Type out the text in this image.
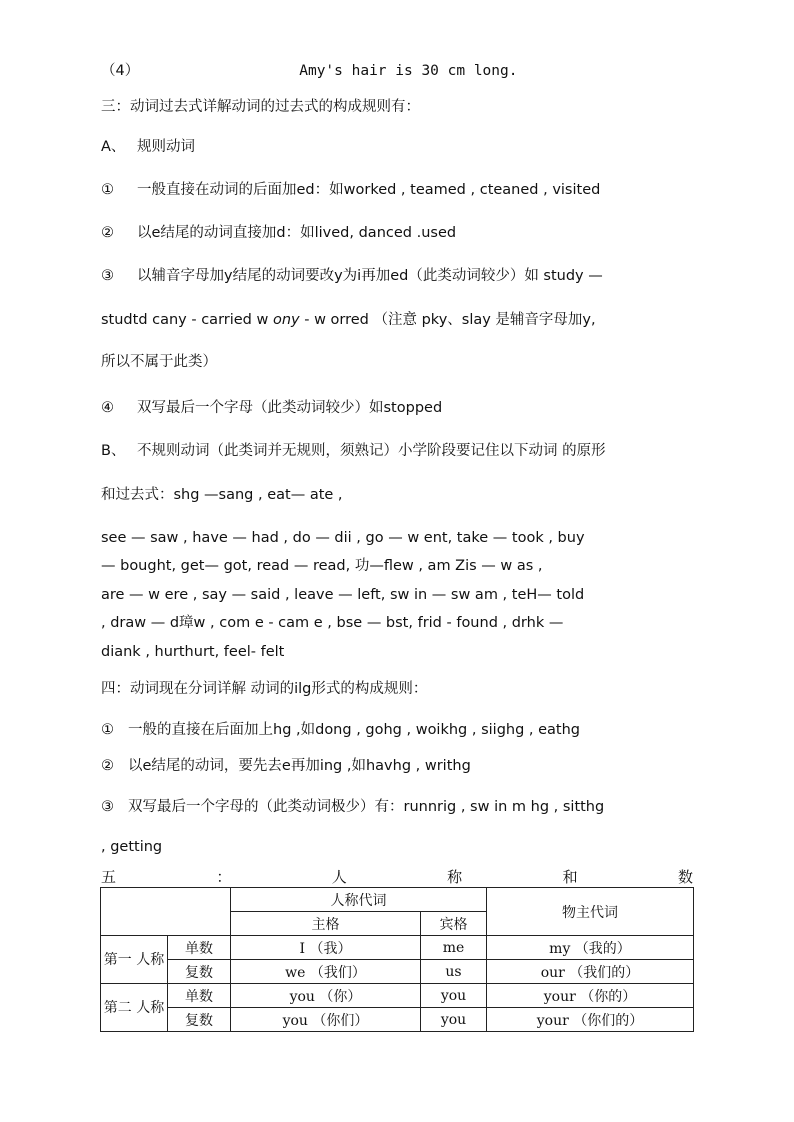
（4）	Amy's hair is 30 cm long.
三：动词过去式详解动词的过去式的构成规则有：
A、 规则动词
① 一般直接在动词的后面加ed：如worked , teamed , cteaned , visited
② 以e结尾的动词直接加d：如lived, danced .used
③ 以辅音字母加y结尾的动词要改y为i再加ed（此类动词较少）如 study —
studtd cany - carried w ony - w orred （注意 pky、slay 是辅音字母加y,
所以不属于此类）
④ 双写最后一个字母（此类动词较少）如stopped
B、 不规则动词（此类词并无规则，须熟记）小学阶段要记住以下动词 的原形
和过去式：shg —sang , eat— ate ,
see — saw , have — had , do — dii , go — w ent, take — took , buy
— bought, get— got, read — read, 功—flew , am Zis — w as ,
are — w ere , say — said , leave — left, sw in — sw am , teH— told
, draw — d璋w , com e - cam e , bse — bst, frid - found , drhk —
diank , hurthurt, feel- felt
四：动词现在分词详解 动词的ilg形式的构成规则：
① 一般的直接在后面加上hg ,如dong , gohg , woikhg , siighg , eathg
② 以e结尾的动词，要先去e再加ing ,如havhg , writhg
③ 双写最后一个字母的（此类动词极少）有：runnrig , sw in m hg , sitthg
, getting
五	：	人	称	和	数
		人称代词		物主代词
		主格	宾格	
第一 人称	单数	I （我）	me	my （我的）
	复数	we （我们）	us	our （我们的）
第二 人称	单数	you （你）	you	your （你的）
	复数	you （你们）	you	your （你们的）
